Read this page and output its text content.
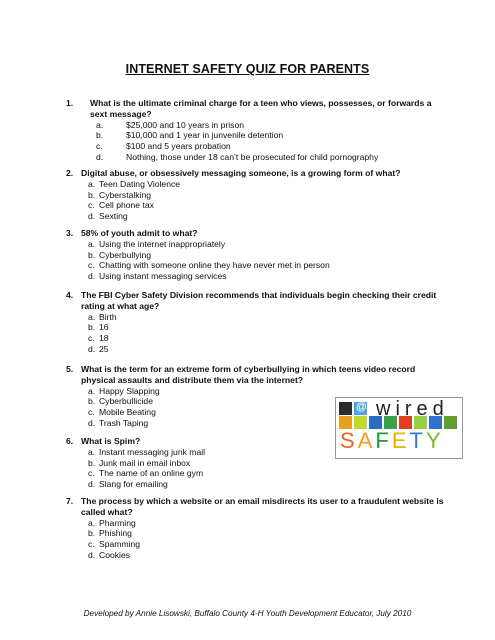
INTERNET SAFETY QUIZ FOR PARENTS
1.	What is the ultimate criminal charge for a teen who views, possesses, or forwards a sext message?
a.	$25,000 and 10 years in prison
b.	$10,000 and 1 year in junvenile detention
c.	$100 and 5 years probation
d.	Nothing, those under 18 can’t be prosecuted for child pornography
2. Digital abuse, or obsessively messaging someone, is a growing form of what?
a. Teen Dating Violence
b. Cyberstalking
c. Cell phone tax
d. Sexting
3. 58% of youth admit to what?
a. Using the internet inappropriately
b. Cyberbullying
c. Chatting with someone online they have never met in person
d. Using instant messaging services
4. The FBI Cyber Safety Division recommends that individuals begin checking their credit rating at what age?
a. Birth
b. 16
c. 18
d. 25
5. What is the term for an extreme form of cyberbullying in which teens video record physical assaults and distribute them via the internet?
a. Happy Slapping
b. Cyberbullicide
c. Mobile Beating
d. Trash Taping
6. What is Spim?
a. Instant messaging junk mail
b. Junk mail in email inbox
c. The name of an online gym
d. Slang for emailing
7. The process by which a website or an email misdirects its user to a fraudulent website is called what?
a. Pharming
b. Phishing
c. Spamming
d. Cookies
@ wired
SAFETY
Developed by Annie Lisowski, Buffalo County 4-H Youth Development Educator, July 2010
